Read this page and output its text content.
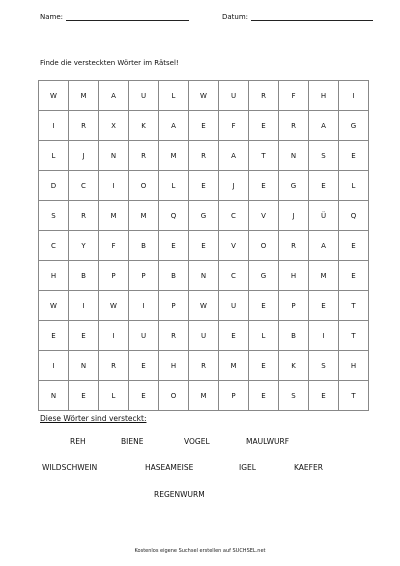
Name:	Datum:
Finde die versteckten Wörter im Rätsel!
W	M	A	U	L	W	U	R	F	H	I
I	R	X	K	A	E	F	E	R	A	G
L	J	N	R	M	R	A	T	N	S	E
D	C	I	O	L	E	J	E	G	E	L
S	R	M	M	Q	G	C	V	J	Ü	Q
C	Y	F	B	E	E	V	O	R	A	E
H	B	P	P	B	N	C	G	H	M	E
W	I	W	I	P	W	U	E	P	E	T
E	E	I	U	R	U	E	L	B	I	T
I	N	R	E	H	R	M	E	K	S	H
N	E	L	E	O	M	P	E	S	E	T
Diese Wörter sind versteckt:
REH	BIENE	VOGEL	MAULWURF
WILDSCHWEIN	HASEAMEISE	IGEL	KAEFER
REGENWURM
Kostenlos eigene Suchsel erstellen auf SUCHSEL.net
